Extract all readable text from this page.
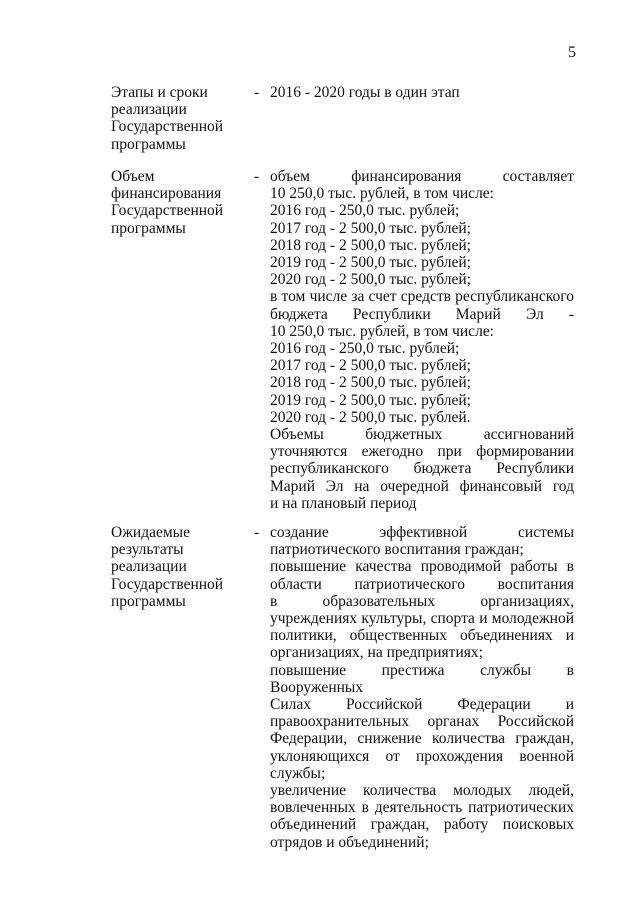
5
Этапы и сроки
реализации
Государственной
программы
- 2016 - 2020 годы в один этап
Объем
финансирования
Государственной
программы
- объем финансирования составляет
10 250,0 тыс. рублей, в том числе:
2016 год - 250,0 тыс. рублей;
2017 год - 2 500,0 тыс. рублей;
2018 год - 2 500,0 тыс. рублей;
2019 год - 2 500,0 тыс. рублей;
2020 год - 2 500,0 тыс. рублей;
в том числе за счет средств республиканского
бюджета Республики Марий Эл -
10 250,0 тыс. рублей, в том числе:
2016 год - 250,0 тыс. рублей;
2017 год - 2 500,0 тыс. рублей;
2018 год - 2 500,0 тыс. рублей;
2019 год - 2 500,0 тыс. рублей;
2020 год - 2 500,0 тыс. рублей.
Объемы бюджетных ассигнований
уточняются ежегодно при формировании
республиканского бюджета Республики
Марий Эл на очередной финансовый год
и на плановый период
Ожидаемые
результаты
реализации
Государственной
программы
- создание эффективной системы
патриотического воспитания граждан;
повышение качества проводимой работы в
области патриотического воспитания
в образовательных организациях,
учреждениях культуры, спорта и молодежной
политики, общественных объединениях и
организациях, на предприятиях;
повышение престижа службы в Вооруженных
Силах Российской Федерации и
правоохранительных органах Российской
Федерации, снижение количества граждан,
уклоняющихся от прохождения военной
службы;
увеличение количества молодых людей,
вовлеченных в деятельность патриотических
объединений граждан, работу поисковых
отрядов и объединений;
